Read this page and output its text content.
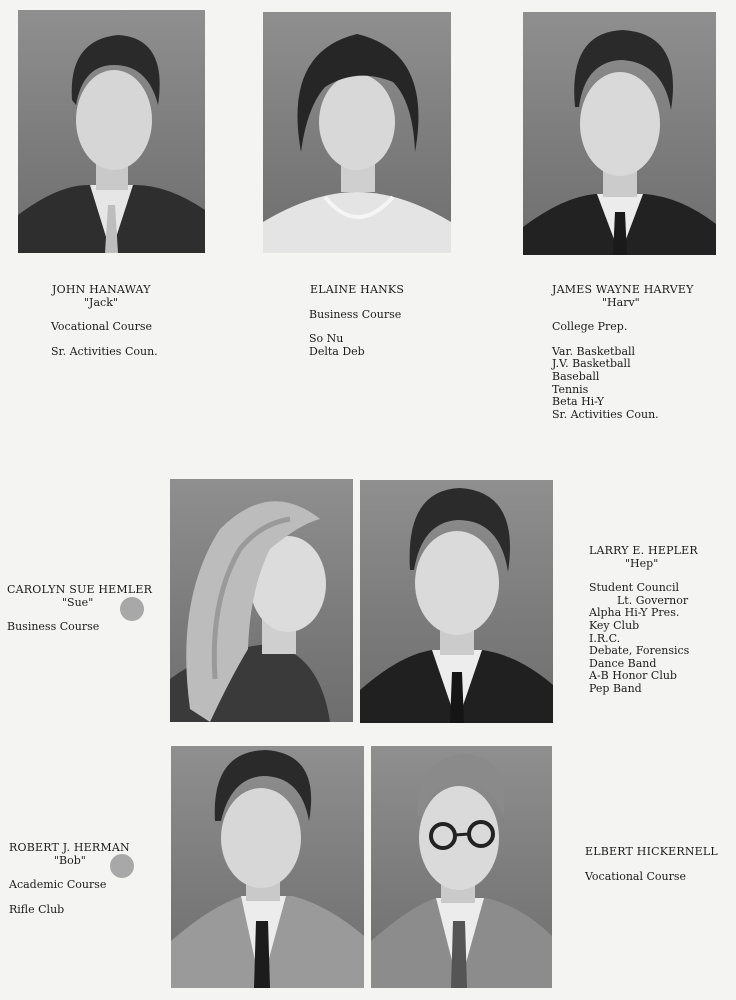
JOHN HANAWAY
"Jack"
Vocational Course
Sr. Activities Coun.
ELAINE HANKS
Business Course
So Nu
Delta Deb
JAMES WAYNE HARVEY
"Harv"
College Prep.
Var. Basketball
J.V. Basketball
Baseball
Tennis
Beta Hi-Y
Sr. Activities Coun.
CAROLYN SUE HEMLER
"Sue"
Business Course
LARRY E. HEPLER
"Hep"
Student Council
Lt. Governor
Alpha Hi-Y Pres.
Key Club
I.R.C.
Debate, Forensics
Dance Band
A-B Honor Club
Pep Band
ROBERT J. HERMAN
"Bob"
Academic Course
Rifle Club
ELBERT HICKERNELL
Vocational Course
